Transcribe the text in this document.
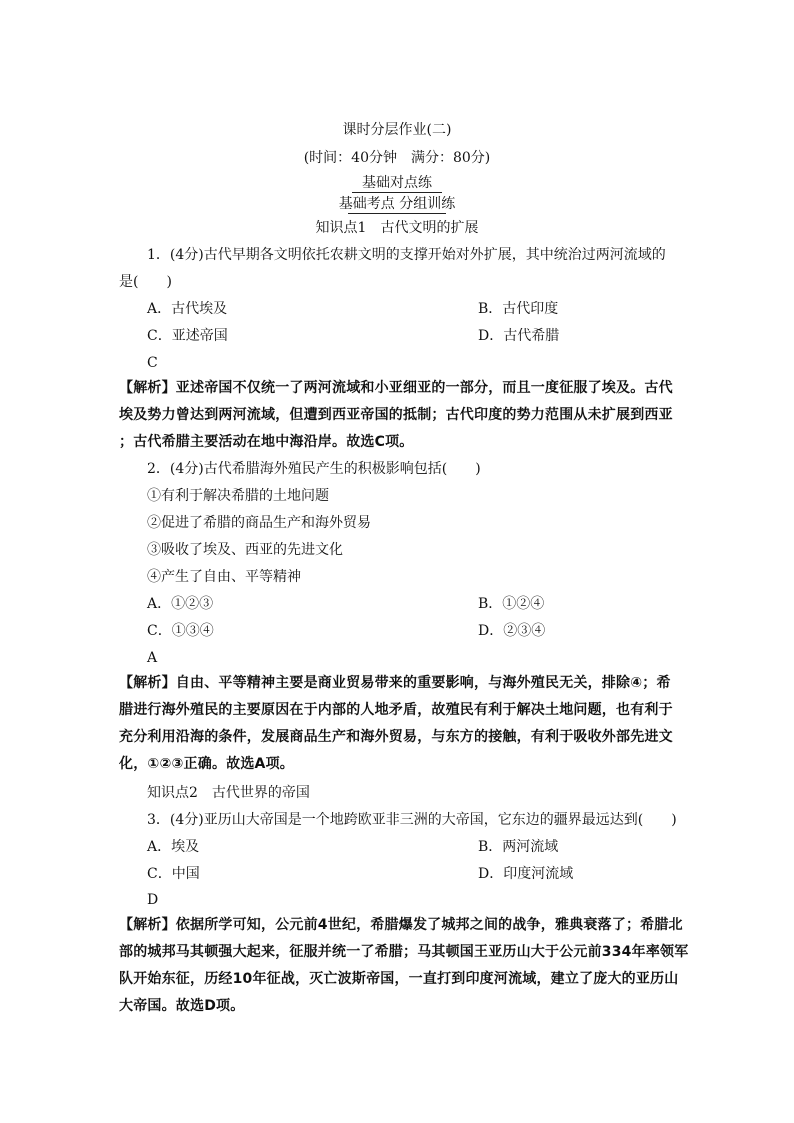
课时分层作业(二)
(时间：40分钟　满分：80分)
基础对点练
基础考点 分组训练
知识点1　古代文明的扩展
1．(4分)古代早期各文明依托农耕文明的支撑开始对外扩展，其中统治过两河流域的
是(　　)
A．古代埃及	B．古代印度
C．亚述帝国	D．古代希腊
C
【解析】亚述帝国不仅统一了两河流域和小亚细亚的一部分，而且一度征服了埃及。古代
埃及势力曾达到两河流域，但遭到西亚帝国的抵制；古代印度的势力范围从未扩展到西亚
；古代希腊主要活动在地中海沿岸。故选C项。
2．(4分)古代希腊海外殖民产生的积极影响包括(　　)
①有利于解决希腊的土地问题
②促进了希腊的商品生产和海外贸易
③吸收了埃及、西亚的先进文化
④产生了自由、平等精神
A．①②③	B．①②④
C．①③④	D．②③④
A
【解析】自由、平等精神主要是商业贸易带来的重要影响，与海外殖民无关，排除④；希
腊进行海外殖民的主要原因在于内部的人地矛盾，故殖民有利于解决土地问题，也有利于
充分利用沿海的条件，发展商品生产和海外贸易，与东方的接触，有利于吸收外部先进文
化，①②③正确。故选A项。
知识点2　古代世界的帝国
3．(4分)亚历山大帝国是一个地跨欧亚非三洲的大帝国，它东边的疆界最远达到(　　)
A．埃及	B．两河流域
C．中国	D．印度河流域
D
【解析】依据所学可知，公元前4世纪，希腊爆发了城邦之间的战争，雅典衰落了；希腊北
部的城邦马其顿强大起来，征服并统一了希腊；马其顿国王亚历山大于公元前334年率领军
队开始东征，历经10年征战，灭亡波斯帝国，一直打到印度河流域，建立了庞大的亚历山
大帝国。故选D项。
